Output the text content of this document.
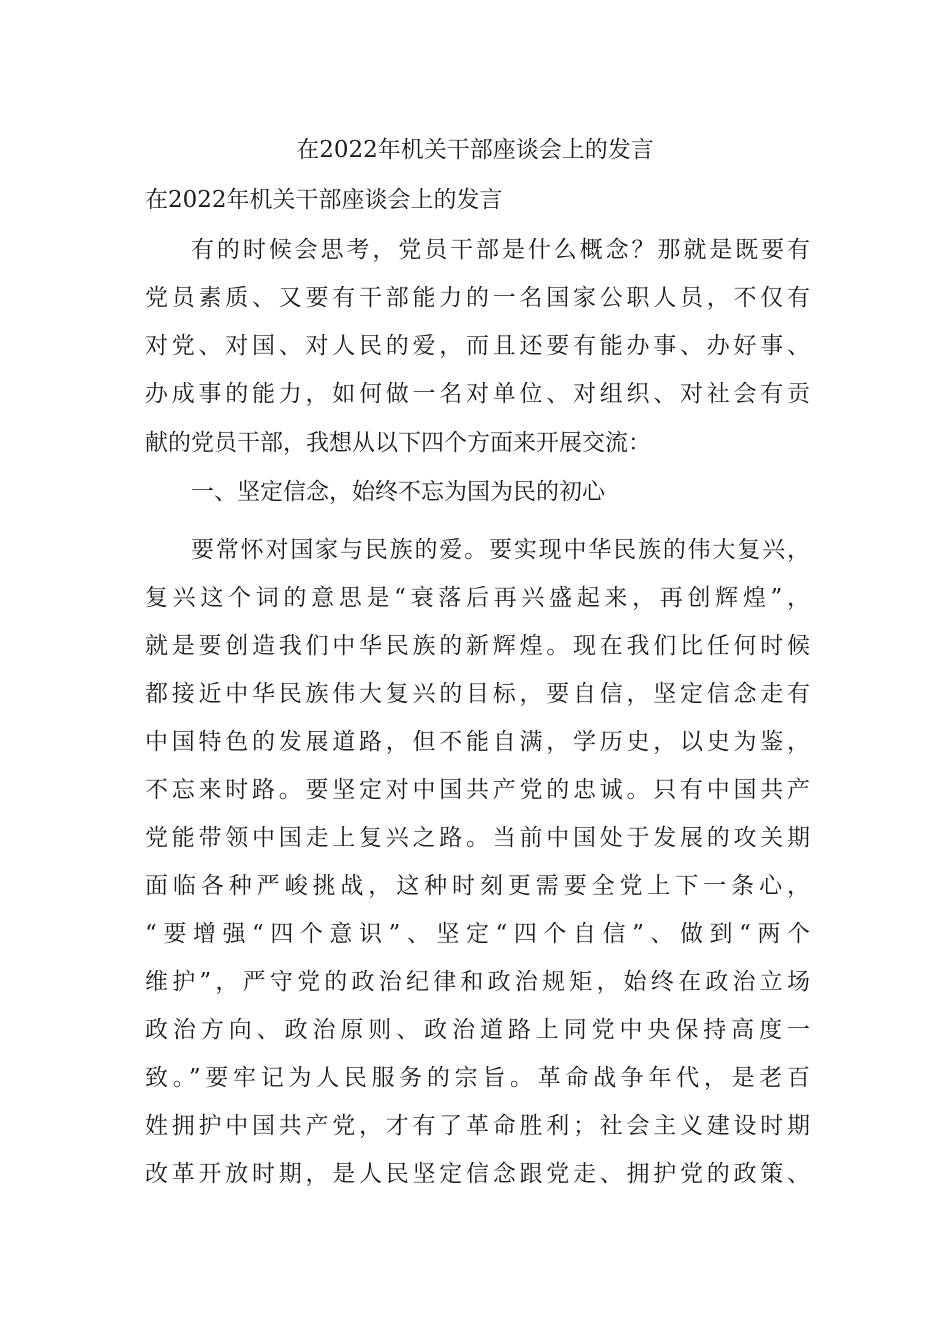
在2022年机关干部座谈会上的发言
在2022年机关干部座谈会上的发言
有的时候会思考，党员干部是什么概念？那就是既要有
党员素质、又要有干部能力的一名国家公职人员，不仅有
对党、对国、对人民的爱，而且还要有能办事、办好事、
办成事的能力，如何做一名对单位、对组织、对社会有贡
献的党员干部，我想从以下四个方面来开展交流：
一、坚定信念，始终不忘为国为民的初心
要常怀对国家与民族的爱。要实现中华民族的伟大复兴，
复兴这个词的意思是“衰落后再兴盛起来，再创辉煌”，
就是要创造我们中华民族的新辉煌。现在我们比任何时候
都接近中华民族伟大复兴的目标，要自信，坚定信念走有
中国特色的发展道路，但不能自满，学历史，以史为鉴，
不忘来时路。要坚定对中国共产党的忠诚。只有中国共产
党能带领中国走上复兴之路。当前中国处于发展的攻关期
面临各种严峻挑战，这种时刻更需要全党上下一条心，
“要增强“四个意识”、坚定“四个自信”、做到“两个
维护”，严守党的政治纪律和政治规矩，始终在政治立场
政治方向、政治原则、政治道路上同党中央保持高度一
致。”要牢记为人民服务的宗旨。革命战争年代，是老百
姓拥护中国共产党，才有了革命胜利；社会主义建设时期
改革开放时期，是人民坚定信念跟党走、拥护党的政策、
